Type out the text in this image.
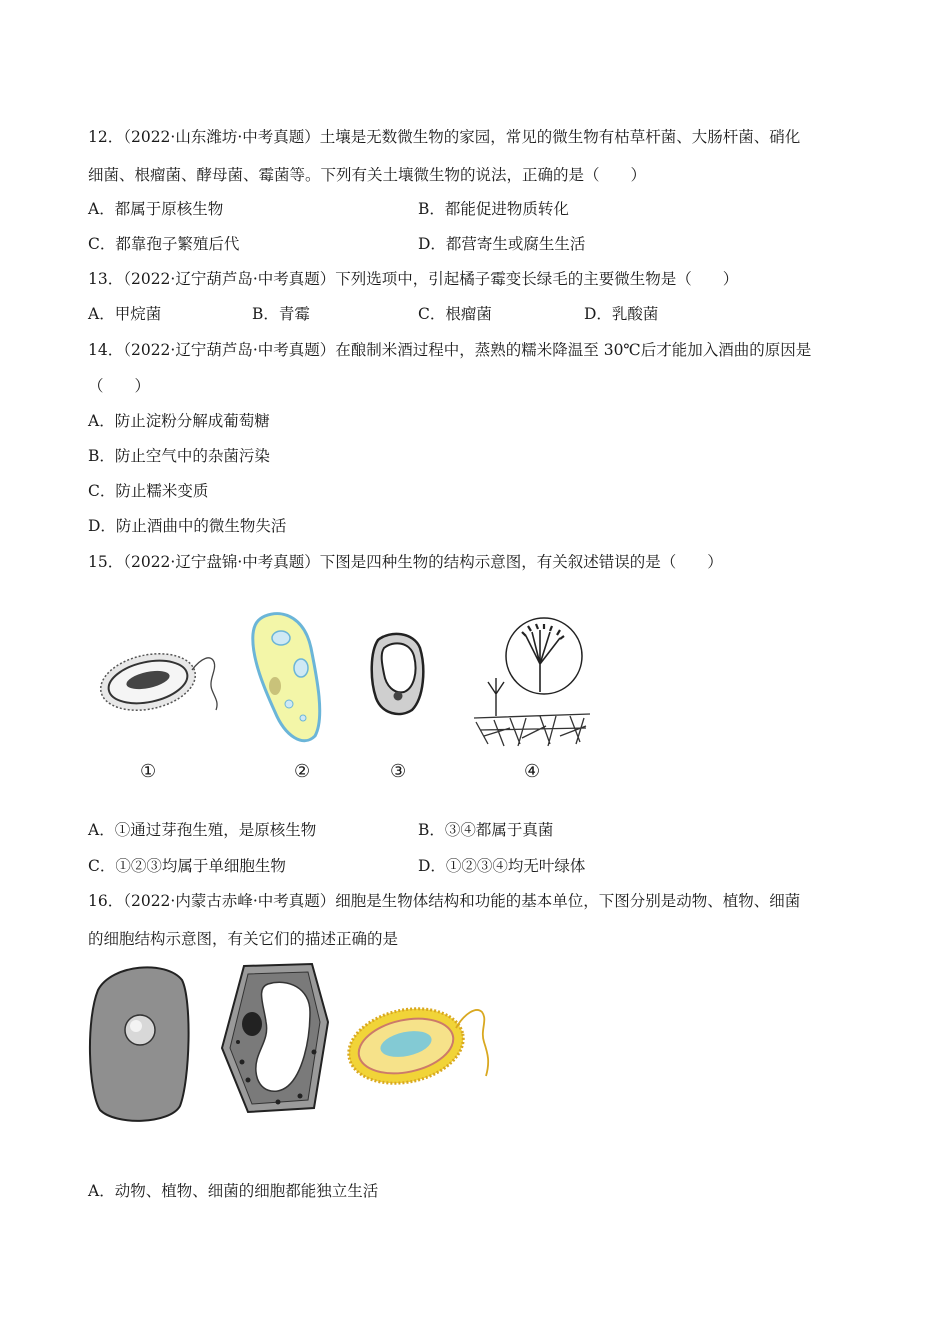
12．（2022·山东潍坊·中考真题）土壤是无数微生物的家园，常见的微生物有枯草杆菌、大肠杆菌、硝化
细菌、根瘤菌、酵母菌、霉菌等。下列有关土壤微生物的说法，正确的是（　　）
A．都属于原核生物	B．都能促进物质转化
C．都靠孢子繁殖后代	D．都营寄生或腐生生活
13．（2022·辽宁葫芦岛·中考真题）下列选项中，引起橘子霉变长绿毛的主要微生物是（　　）
A．甲烷菌	B．青霉	C．根瘤菌	D．乳酸菌
14．（2022·辽宁葫芦岛·中考真题）在酿制米酒过程中，蒸熟的糯米降温至 30℃后才能加入酒曲的原因是
（　　）
A．防止淀粉分解成葡萄糖
B．防止空气中的杂菌污染
C．防止糯米变质
D．防止酒曲中的微生物失活
15．（2022·辽宁盘锦·中考真题）下图是四种生物的结构示意图，有关叙述错误的是（　　）
①	②	③	④
A．①通过芽孢生殖，是原核生物	B．③④都属于真菌
C．①②③均属于单细胞生物	D．①②③④均无叶绿体
16．（2022·内蒙古赤峰·中考真题）细胞是生物体结构和功能的基本单位，下图分别是动物、植物、细菌
的细胞结构示意图，有关它们的描述正确的是
A．动物、植物、细菌的细胞都能独立生活
